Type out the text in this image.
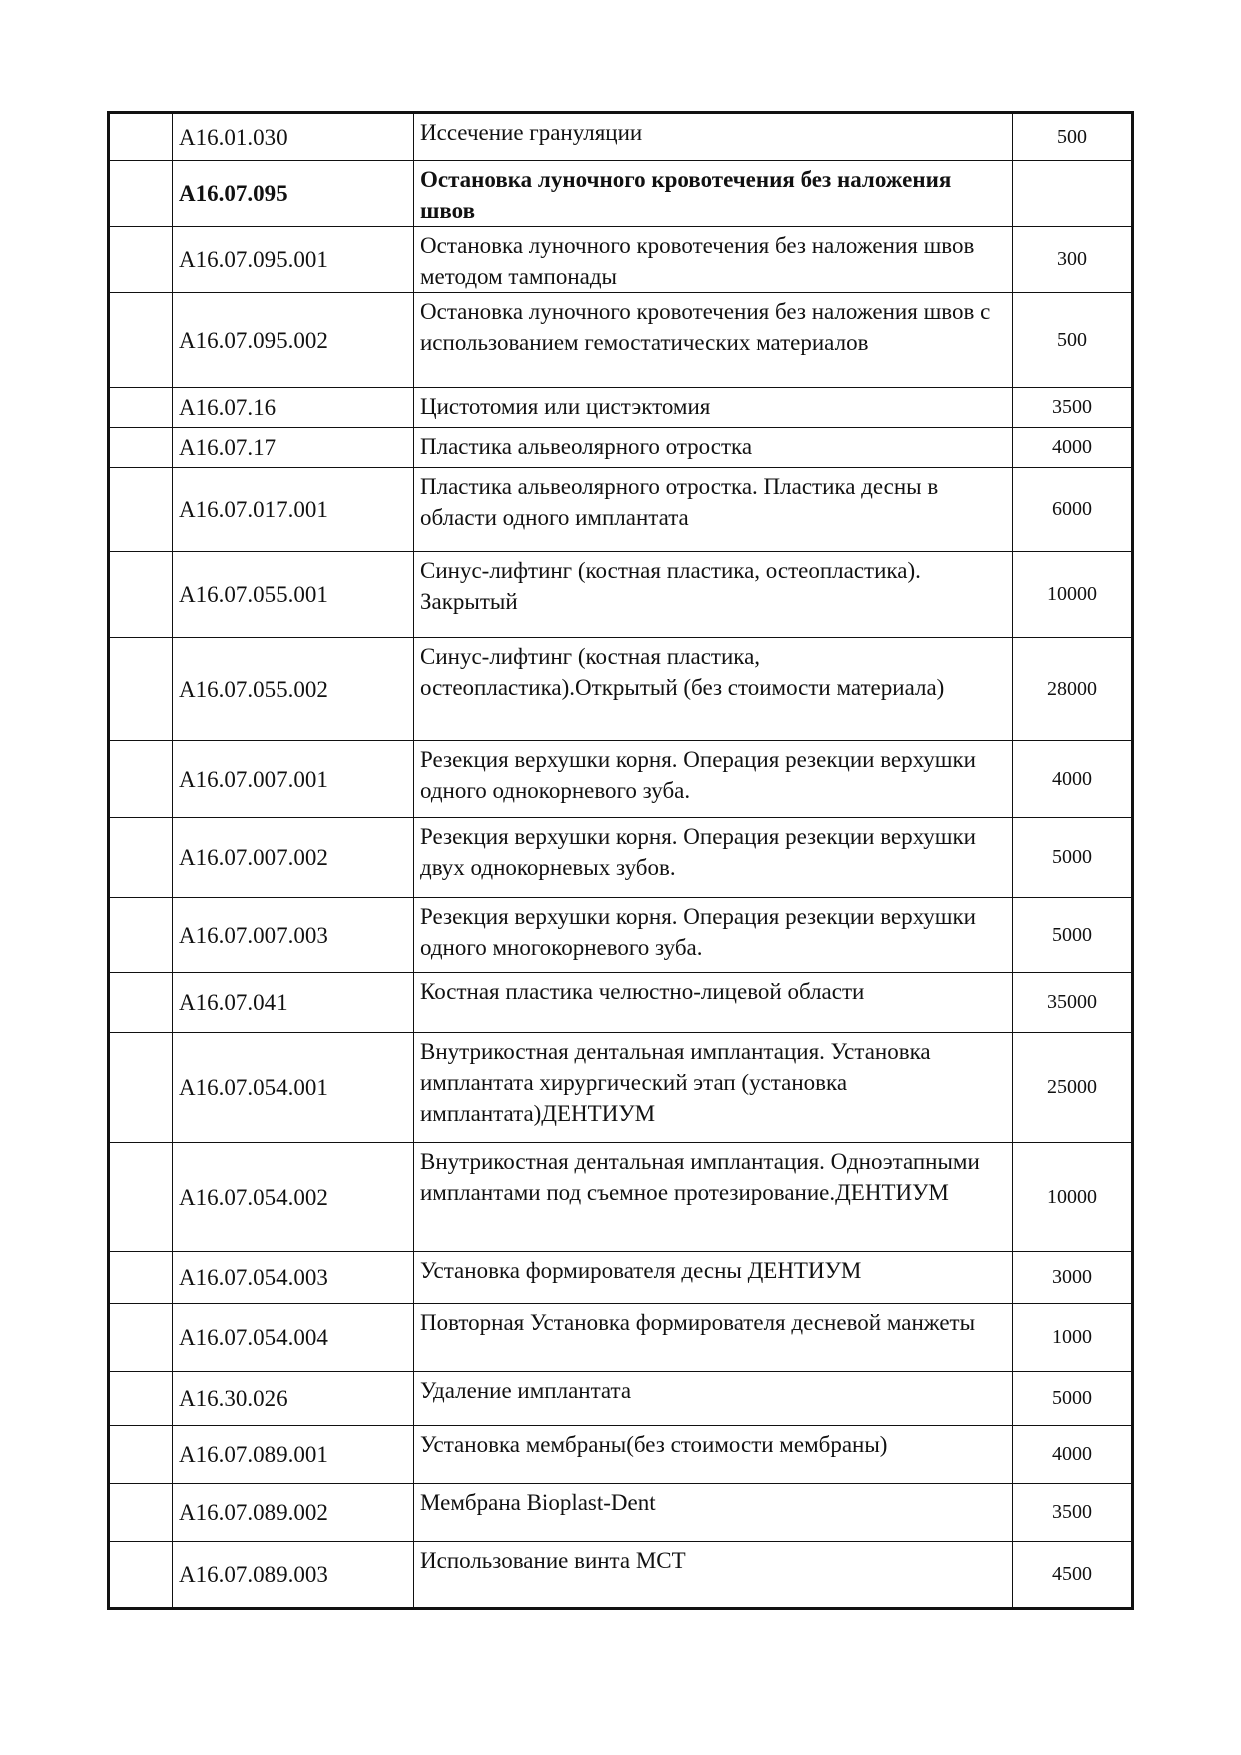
	A16.01.030	Иссечение грануляции	500
	A16.07.095	Остановка луночного кровотечения без наложения швов	
	A16.07.095.001	Остановка луночного кровотечения без наложения швов методом тампонады	300
	A16.07.095.002	Остановка луночного кровотечения без наложения швов с использованием гемостатических материалов	500
	A16.07.16	Цистотомия или цистэктомия	3500
	A16.07.17	Пластика альвеолярного отростка	4000
	A16.07.017.001	Пластика альвеолярного отростка. Пластика десны в области одного имплантата	6000
	A16.07.055.001	Синус-лифтинг (костная пластика, остеопластика). Закрытый	10000
	A16.07.055.002	Синус-лифтинг (костная пластика, остеопластика).Открытый (без стоимости материала)	28000
	A16.07.007.001	Резекция верхушки корня. Операция резекции верхушки одного однокорневого зуба.	4000
	A16.07.007.002	Резекция верхушки корня. Операция резекции верхушки двух однокорневых зубов.	5000
	A16.07.007.003	Резекция верхушки корня. Операция резекции верхушки одного многокорневого зуба.	5000
	A16.07.041	Костная пластика челюстно-лицевой области	35000
	A16.07.054.001	Внутрикостная дентальная имплантация. Установка имплантата хирургический этап (установка имплантата)ДЕНТИУМ	25000
	A16.07.054.002	Внутрикостная дентальная имплантация. Одноэтапными имплантами под съемное протезирование.ДЕНТИУМ	10000
	A16.07.054.003	Установка формирователя десны ДЕНТИУМ	3000
	A16.07.054.004	Повторная Установка формирователя десневой манжеты	1000
	A16.30.026	Удаление имплантата	5000
	A16.07.089.001	Установка мембраны(без стоимости мембраны)	4000
	A16.07.089.002	Мембрана Bioplast-Dent	3500
	A16.07.089.003	Использование винта МСТ	4500
